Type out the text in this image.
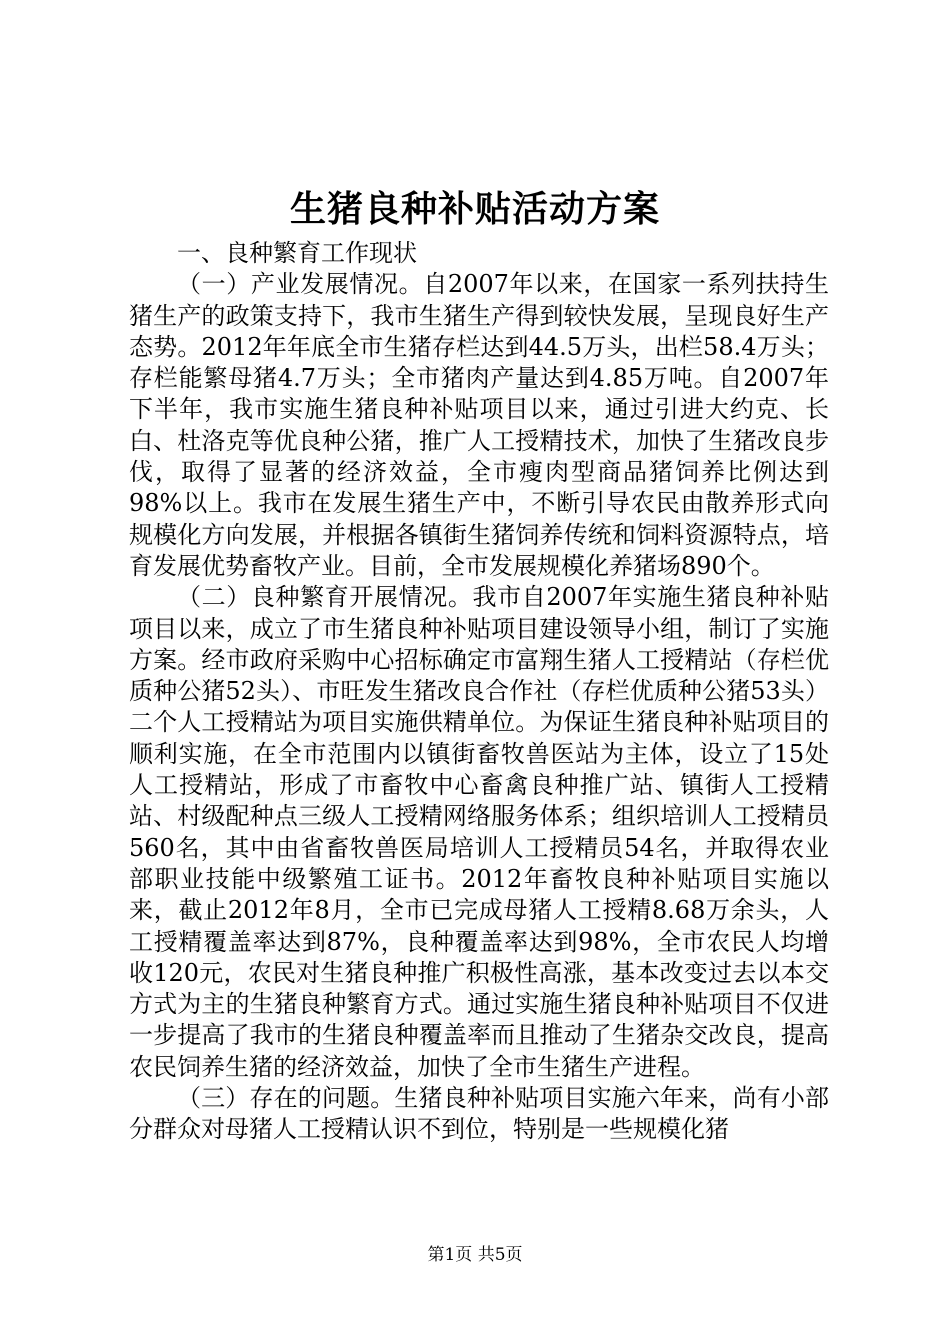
生猪良种补贴活动方案

一、良种繁育工作现状

（一）产业发展情况。自2007年以来，在国家一系列扶持生猪生产的政策支持下，我市生猪生产得到较快发展，呈现良好生产态势。2012年年底全市生猪存栏达到44.5万头，出栏58.4万头；存栏能繁母猪4.7万头；全市猪肉产量达到4.85万吨。自2007年下半年，我市实施生猪良种补贴项目以来，通过引进大约克、长白、杜洛克等优良种公猪，推广人工授精技术，加快了生猪改良步伐，取得了显著的经济效益，全市瘦肉型商品猪饲养比例达到98%以上。我市在发展生猪生产中，不断引导农民由散养形式向规模化方向发展，并根据各镇街生猪饲养传统和饲料资源特点，培育发展优势畜牧产业。目前，全市发展规模化养猪场890个。

（二）良种繁育开展情况。我市自2007年实施生猪良种补贴项目以来，成立了市生猪良种补贴项目建设领导小组，制订了实施方案。经市政府采购中心招标确定市富翔生猪人工授精站（存栏优质种公猪52头）、市旺发生猪改良合作社（存栏优质种公猪53头）二个人工授精站为项目实施供精单位。为保证生猪良种补贴项目的顺利实施，在全市范围内以镇街畜牧兽医站为主体，设立了15处人工授精站，形成了市畜牧中心畜禽良种推广站、镇街人工授精站、村级配种点三级人工授精网络服务体系；组织培训人工授精员560名，其中由省畜牧兽医局培训人工授精员54名，并取得农业部职业技能中级繁殖工证书。2012年畜牧良种补贴项目实施以来，截止2012年8月，全市已完成母猪人工授精8.68万余头，人工授精覆盖率达到87%，良种覆盖率达到98%，全市农民人均增收120元，农民对生猪良种推广积极性高涨，基本改变过去以本交方式为主的生猪良种繁育方式。通过实施生猪良种补贴项目不仅进一步提高了我市的生猪良种覆盖率而且推动了生猪杂交改良，提高农民饲养生猪的经济效益，加快了全市生猪生产进程。

（三）存在的问题。生猪良种补贴项目实施六年来，尚有小部分群众对母猪人工授精认识不到位，特别是一些规模化猪

第1页 共5页
